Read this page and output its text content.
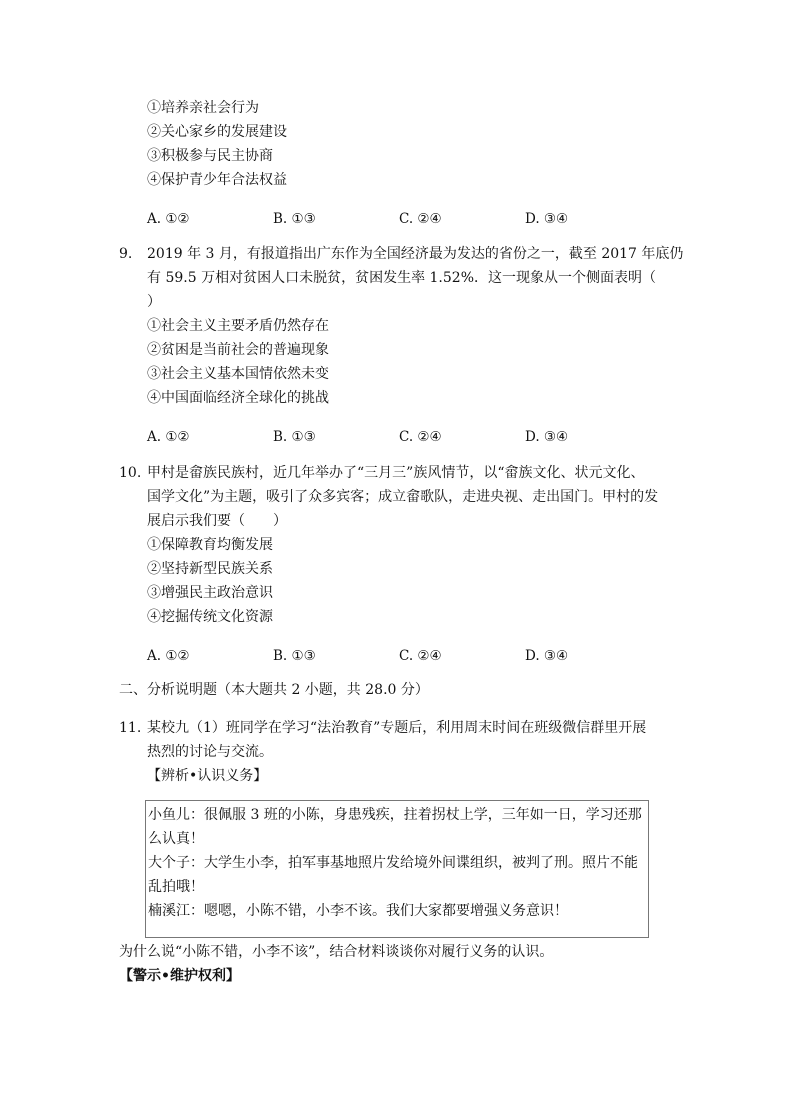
①培养亲社会行为
②关心家乡的发展建设
③积极参与民主协商
④保护青少年合法权益
A. ①②	B. ①③	C. ②④	D. ③④
9. 2019 年 3 月，有报道指出广东作为全国经济最为发达的省份之一，截至 2017 年底仍
有 59.5 万相对贫困人口未脱贫，贫困发生率 1.52%．这一现象从一个侧面表明（
）
①社会主义主要矛盾仍然存在
②贫困是当前社会的普遍现象
③社会主义基本国情依然未变
④中国面临经济全球化的挑战
A. ①②	B. ①③	C. ②④	D. ③④
10. 甲村是畲族民族村，近几年举办了“三月三”族风情节，以“畲族文化、状元文化、
国学文化”为主题，吸引了众多宾客；成立畲歌队，走进央视、走出国门。甲村的发
展启示我们要（　　）
①保障教育均衡发展
②坚持新型民族关系
③增强民主政治意识
④挖掘传统文化资源
A. ①②	B. ①③	C. ②④	D. ③④
二、分析说明题（本大题共 2 小题，共 28.0 分）
11. 某校九（1）班同学在学习“法治教育”专题后，利用周末时间在班级微信群里开展
热烈的讨论与交流。
【辨析•认识义务】
小鱼儿：很佩服 3 班的小陈，身患残疾，拄着拐杖上学，三年如一日，学习还那
么认真！
大个子：大学生小李，拍军事基地照片发给境外间谍组织，被判了刑。照片不能
乱拍哦！
楠溪江：嗯嗯，小陈不错，小李不该。我们大家都要增强义务意识！
为什么说“小陈不错，小李不该”，结合材料谈谈你对履行义务的认识。
【警示•维护权利】
